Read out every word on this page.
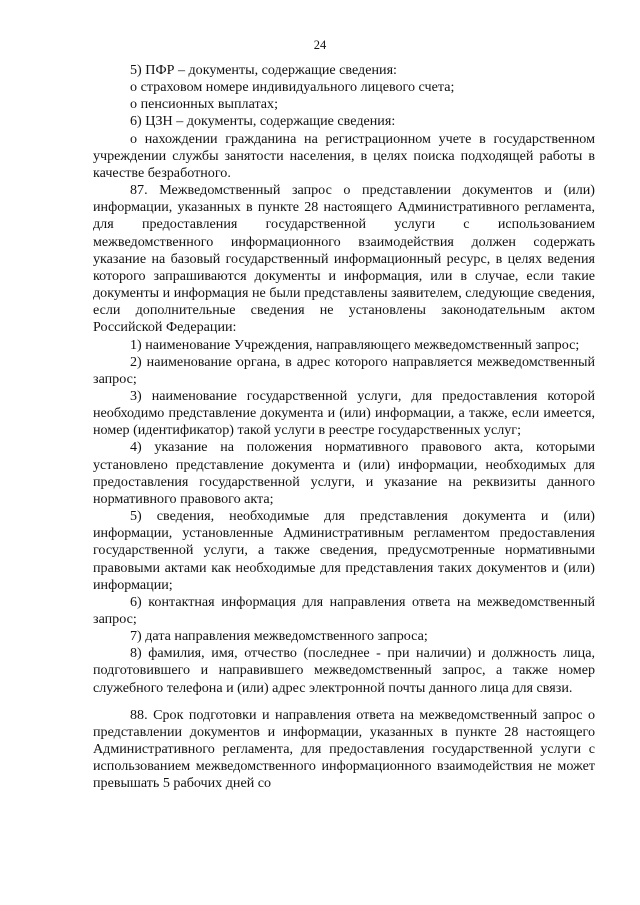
24

5) ПФР – документы, содержащие сведения:

о страховом номере индивидуального лицевого счета;

о пенсионных выплатах;

6) ЦЗН – документы, содержащие сведения:

о нахождении гражданина на регистрационном учете в государственном учреждении службы занятости населения, в целях поиска подходящей работы в качестве безработного.

87. Межведомственный запрос о представлении документов и (или) информации, указанных в пункте 28 настоящего Административного регламента, для предоставления государственной услуги с использованием межведомственного информационного взаимодействия должен содержать указание на базовый государственный информационный ресурс, в целях ведения которого запрашиваются документы и информация, или в случае, если такие документы и информация не были представлены заявителем, следующие сведения, если дополнительные сведения не установлены законодательным актом Российской Федерации:

1) наименование Учреждения, направляющего межведомственный запрос;

2) наименование органа, в адрес которого направляется межведомственный запрос;

3) наименование государственной услуги, для предоставления которой необходимо представление документа и (или) информации, а также, если имеется, номер (идентификатор) такой услуги в реестре государственных услуг;

4) указание на положения нормативного правового акта, которыми установлено представление документа и (или) информации, необходимых для предоставления государственной услуги, и указание на реквизиты данного нормативного правового акта;

5) сведения, необходимые для представления документа и (или) информации, установленные Административным регламентом предоставления государственной услуги, а также сведения, предусмотренные нормативными правовыми актами как необходимые для представления таких документов и (или) информации;

6) контактная информация для направления ответа на межведомственный запрос;

7) дата направления межведомственного запроса;

8) фамилия, имя, отчество (последнее - при наличии) и должность лица, подготовившего и направившего межведомственный запрос, а также номер служебного телефона и (или) адрес электронной почты данного лица для связи.

88. Срок подготовки и направления ответа на межведомственный запрос о представлении документов и информации, указанных в пункте 28 настоящего Административного регламента, для предоставления государственной услуги с использованием межведомственного информационного взаимодействия не может превышать 5 рабочих дней со
